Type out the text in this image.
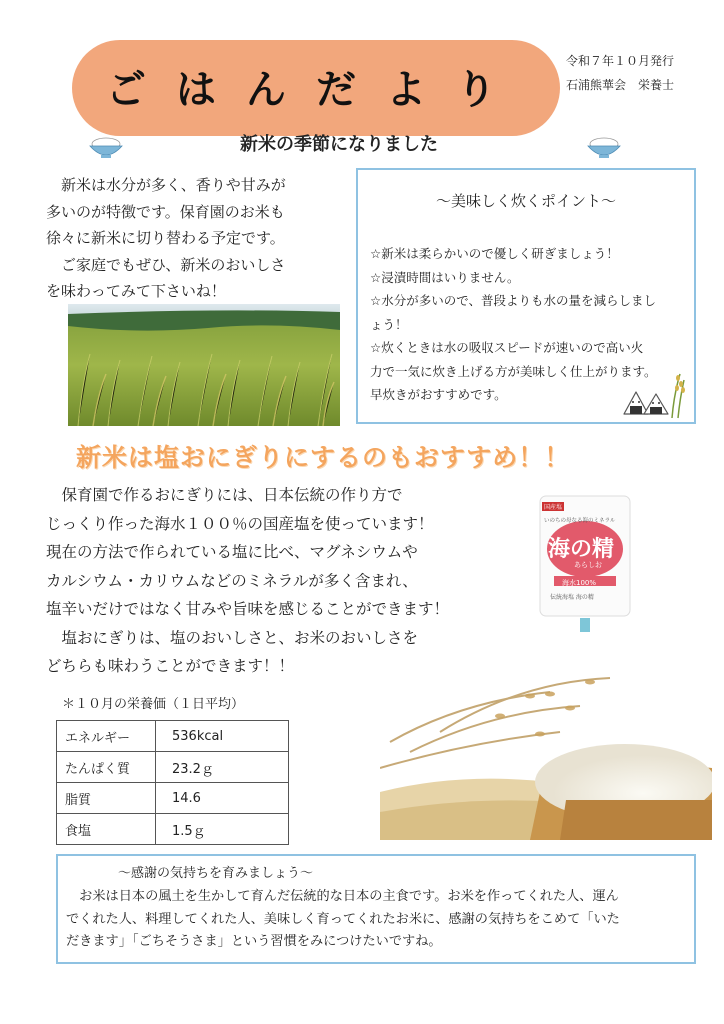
ごはんだより
令和７年１０月発行
石浦熊華会　栄養士
新米の季節になりました
　新米は水分が多く、香りや甘みが
多いのが特徴です。保育園のお米も
徐々に新米に切り替わる予定です。
　ご家庭でもぜひ、新米のおいしさ
を味わってみて下さいね！
～美味しく炊くポイント～
☆新米は柔らかいので優しく研ぎましょう！
☆浸漬時間はいりません。
☆水分が多いので、普段よりも水の量を減らしまし
ょう！
☆炊くときは水の吸収スピードが速いので高い火
力で一気に炊き上げる方が美味しく仕上がります。
早炊きがおすすめです。
新米は塩おにぎりにするのもおすすめ！！
　保育園で作るおにぎりには、日本伝統の作り方で
じっくり作った海水１００％の国産塩を使っています！
現在の方法で作られている塩に比べ、マグネシウムや
カルシウム・カリウムなどのミネラルが多く含まれ、
塩辛いだけではなく甘みや旨味を感じることができます！
　塩おにぎりは、塩のおいしさと、お米のおいしさを
どちらも味わうことができます！！
国産塩
いのちの母なる海のミネラル
海の精
あらしお
海水100%
伝統海塩 海の精
＊１０月の栄養価（１日平均）
エネルギー	536kcal
たんぱく質	23.2ｇ
脂質	14.6
食塩	1.5ｇ
～感謝の気持ちを育みましょう～
　お米は日本の風土を生かして育んだ伝統的な日本の主食です。お米を作ってくれた人、運ん
でくれた人、料理してくれた人、美味しく育ってくれたお米に、感謝の気持ちをこめて「いた
だきます」「ごちそうさま」という習慣をみにつけたいですね。
